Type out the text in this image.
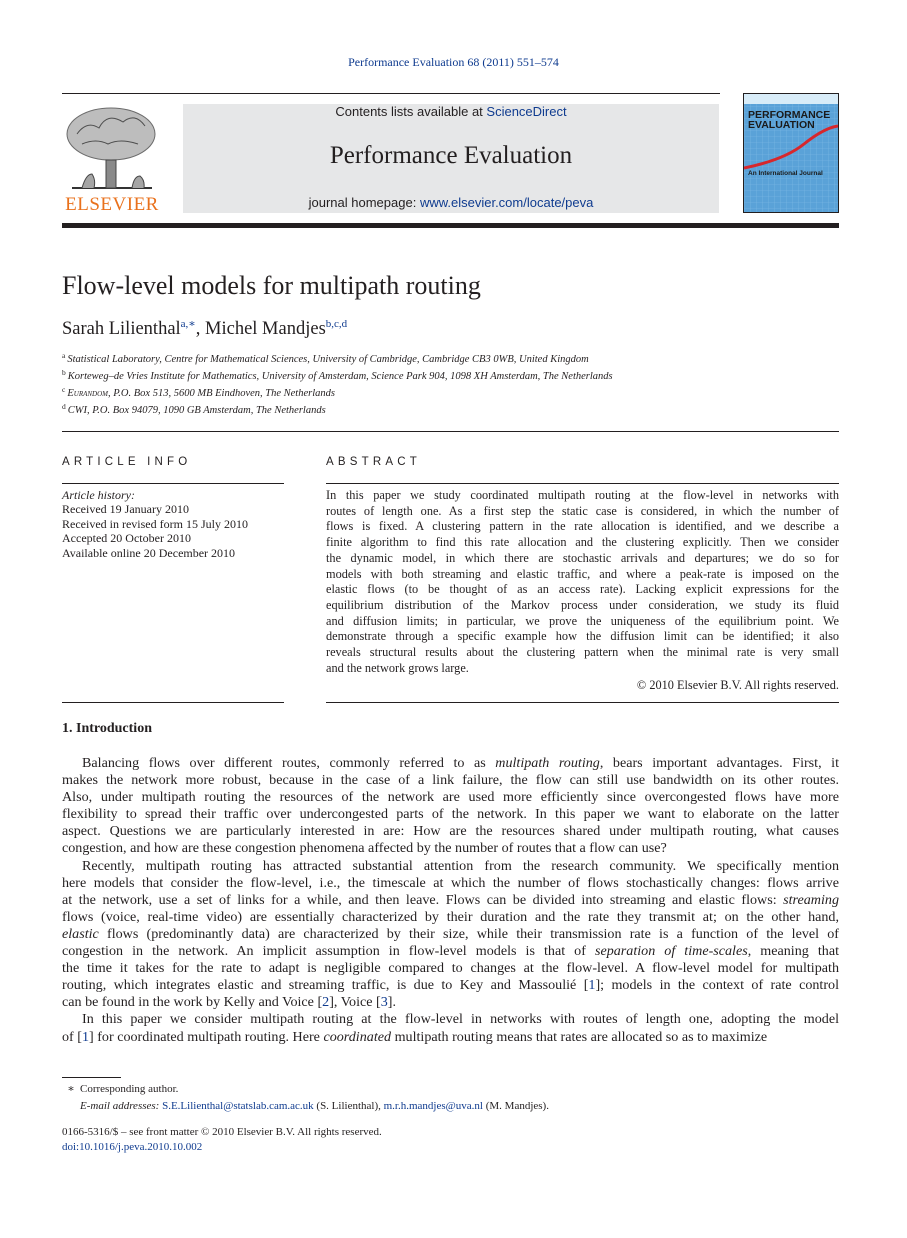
Performance Evaluation 68 (2011) 551–574
ELSEVIER
Contents lists available at ScienceDirect
Performance Evaluation
journal homepage: www.elsevier.com/locate/peva
PERFORMANCE
EVALUATION
An International Journal
Flow-level models for multipath routing
Sarah Lilienthal$^{a,∗}$, Michel Mandjes$^{b,c,d}$
$^a$ Statistical Laboratory, Centre for Mathematical Sciences, University of Cambridge, Cambridge CB3 0WB, United Kingdom
$^b$ Korteweg–de Vries Institute for Mathematics, University of Amsterdam, Science Park 904, 1098 XH Amsterdam, The Netherlands
$^c$ Eurandom, P.O. Box 513, 5600 MB Eindhoven, The Netherlands
$^d$ CWI, P.O. Box 94079, 1090 GB Amsterdam, The Netherlands
ARTICLE INFO
Article history:
Received 19 January 2010
Received in revised form 15 July 2010
Accepted 20 October 2010
Available online 20 December 2010
ABSTRACT
In this paper we study coordinated multipath routing at the flow-level in networks with
routes of length one. As a first step the static case is considered, in which the number of
flows is fixed. A clustering pattern in the rate allocation is identified, and we describe a
finite algorithm to find this rate allocation and the clustering explicitly. Then we consider
the dynamic model, in which there are stochastic arrivals and departures; we do so for
models with both streaming and elastic traffic, and where a peak-rate is imposed on the
elastic flows (to be thought of as an access rate). Lacking explicit expressions for the
equilibrium distribution of the Markov process under consideration, we study its fluid
and diffusion limits; in particular, we prove the uniqueness of the equilibrium point. We
demonstrate through a specific example how the diffusion limit can be identified; it also
reveals structural results about the clustering pattern when the minimal rate is very small
and the network grows large.
© 2010 Elsevier B.V. All rights reserved.
1. Introduction
Balancing flows over different routes, commonly referred to as multipath routing, bears important advantages. First, it
makes the network more robust, because in the case of a link failure, the flow can still use bandwidth on its other routes.
Also, under multipath routing the resources of the network are used more efficiently since overcongested flows have more
flexibility to spread their traffic over undercongested parts of the network. In this paper we want to elaborate on the latter
aspect. Questions we are particularly interested in are: How are the resources shared under multipath routing, what causes
congestion, and how are these congestion phenomena affected by the number of routes that a flow can use?
Recently, multipath routing has attracted substantial attention from the research community. We specifically mention
here models that consider the flow-level, i.e., the timescale at which the number of flows stochastically changes: flows arrive
at the network, use a set of links for a while, and then leave. Flows can be divided into streaming and elastic flows: streaming
flows (voice, real-time video) are essentially characterized by their duration and the rate they transmit at; on the other hand,
elastic flows (predominantly data) are characterized by their size, while their transmission rate is a function of the level of
congestion in the network. An implicit assumption in flow-level models is that of separation of time-scales, meaning that
the time it takes for the rate to adapt is negligible compared to changes at the flow-level. A flow-level model for multipath
routing, which integrates elastic and streaming traffic, is due to Key and Massoulié [1]; models in the context of rate control
can be found in the work by Kelly and Voice [2], Voice [3].
In this paper we consider multipath routing at the flow-level in networks with routes of length one, adopting the model
of [1] for coordinated multipath routing. Here coordinated multipath routing means that rates are allocated so as to maximize
∗ Corresponding author.
E-mail addresses: S.E.Lilienthal@statslab.cam.ac.uk (S. Lilienthal), m.r.h.mandjes@uva.nl (M. Mandjes).
0166-5316/$ – see front matter © 2010 Elsevier B.V. All rights reserved.
doi:10.1016/j.peva.2010.10.002
